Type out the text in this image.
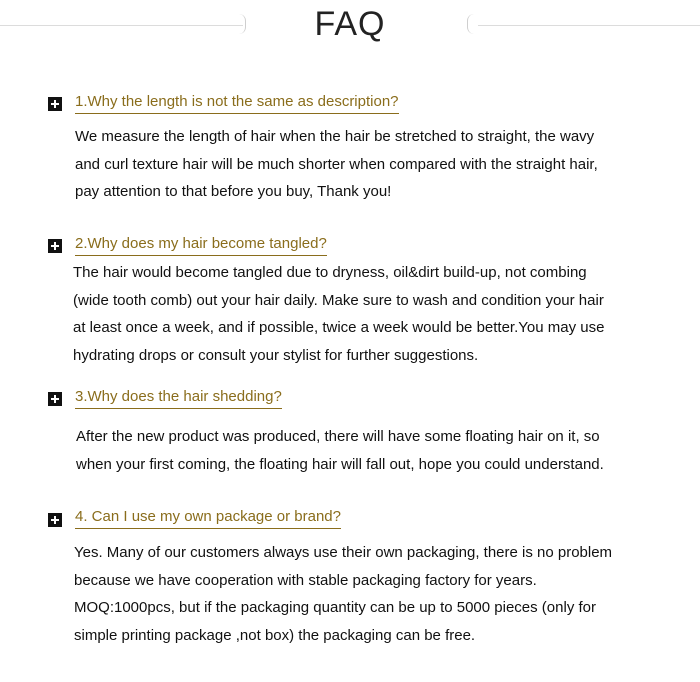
FAQ
1.Why the length is not the same as description?
We measure the length of hair when the hair be stretched to straight, the wavy
and curl texture hair will be much shorter when compared with the straight hair,
pay attention to that before you buy, Thank you!
2.Why does my hair become tangled?
The hair would become tangled due to dryness, oil&dirt build-up, not combing
(wide tooth comb) out your hair daily. Make sure to wash and condition your hair
at least once a week, and if possible, twice a week would be better.You may use
hydrating drops or consult your stylist for further suggestions.
3.Why does the hair shedding?
After the new product was produced, there will have some floating hair on it, so
when your first coming, the floating hair will fall out, hope you could understand.
4. Can I use my own package or brand?
Yes. Many of our customers always use their own packaging, there is no problem
because we have cooperation with stable packaging factory for years.
MOQ:1000pcs, but if the packaging quantity can be up to 5000 pieces (only for
simple printing package ,not box) the packaging can be free.
